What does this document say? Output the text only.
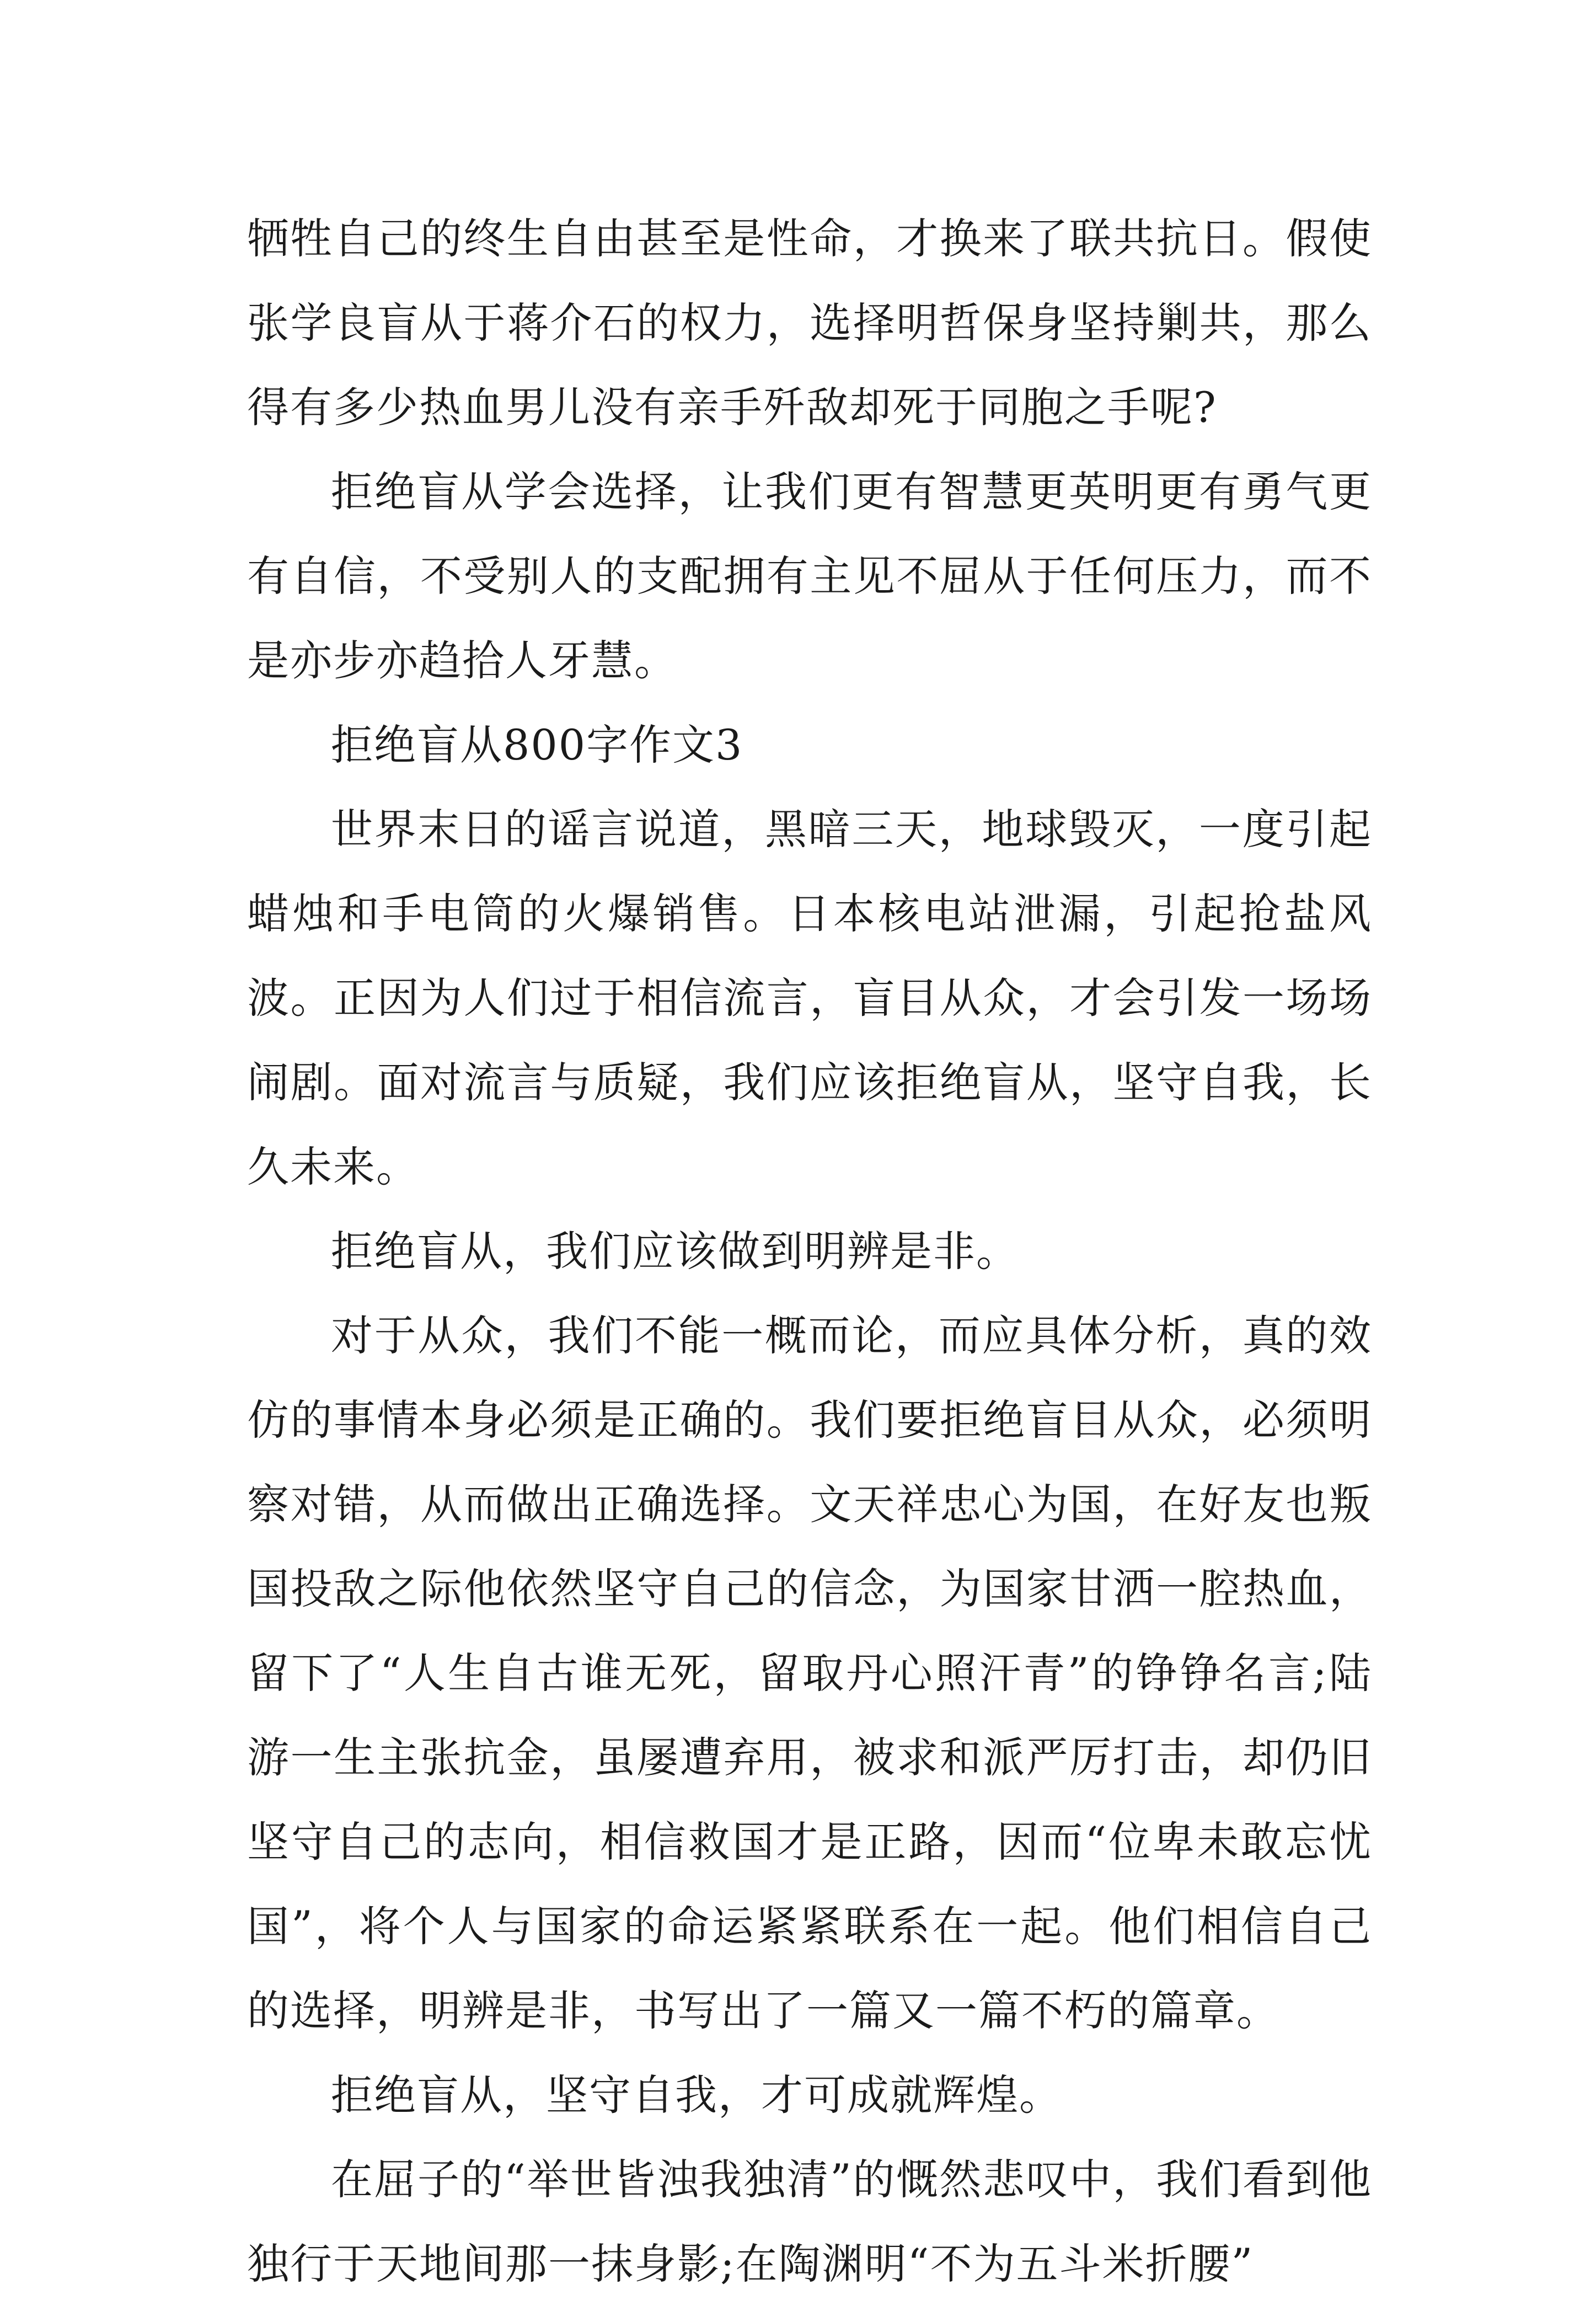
牺牲自己的终生自由甚至是性命，才换来了联共抗日。假使张学良盲从于蒋介石的权力，选择明哲保身坚持剿共，那么得有多少热血男儿没有亲手歼敌却死于同胞之手呢?

拒绝盲从学会选择，让我们更有智慧更英明更有勇气更有自信，不受别人的支配拥有主见不屈从于任何压力，而不是亦步亦趋拾人牙慧。

拒绝盲从800字作文3

世界末日的谣言说道，黑暗三天，地球毁灭，一度引起蜡烛和手电筒的火爆销售。日本核电站泄漏，引起抢盐风波。正因为人们过于相信流言，盲目从众，才会引发一场场闹剧。面对流言与质疑，我们应该拒绝盲从，坚守自我，长久未来。

拒绝盲从，我们应该做到明辨是非。

对于从众，我们不能一概而论，而应具体分析，真的效仿的事情本身必须是正确的。我们要拒绝盲目从众，必须明察对错，从而做出正确选择。文天祥忠心为国，在好友也叛国投敌之际他依然坚守自己的信念，为国家甘洒一腔热血，留下了“人生自古谁无死，留取丹心照汗青”的铮铮名言;陆游一生主张抗金，虽屡遭弃用，被求和派严厉打击，却仍旧坚守自己的志向，相信救国才是正路，因而“位卑未敢忘忧国”，将个人与国家的命运紧紧联系在一起。他们相信自己的选择，明辨是非，书写出了一篇又一篇不朽的篇章。

拒绝盲从，坚守自我，才可成就辉煌。

在屈子的“举世皆浊我独清”的慨然悲叹中，我们看到他独行于天地间那一抹身影;在陶渊明“不为五斗米折腰”
